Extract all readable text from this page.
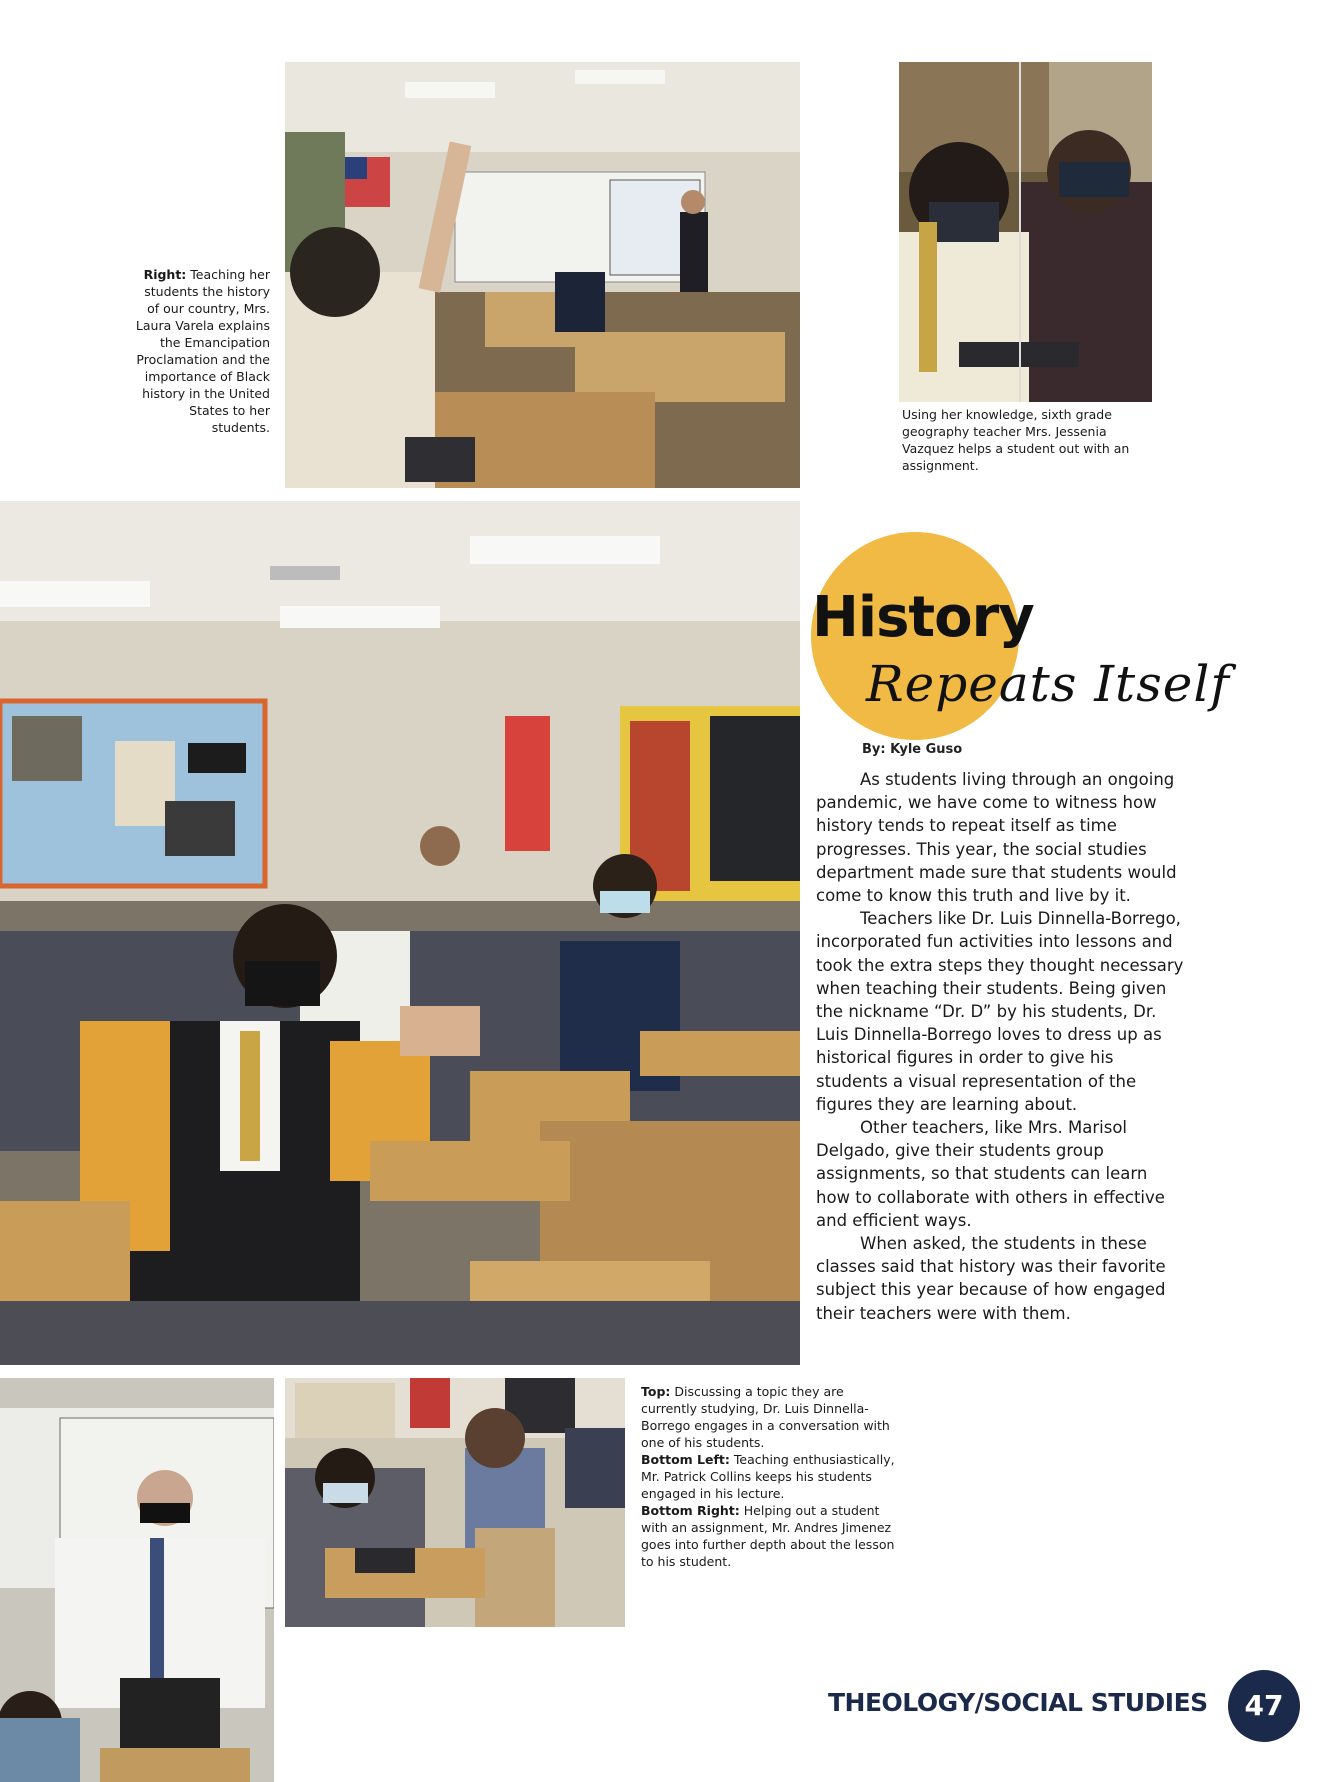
Right: Teaching her students the history of our country, Mrs. Laura Varela explains the Emancipation Proclamation and the importance of Black history in the United States to her students.
Using her knowledge, sixth grade geography teacher Mrs. Jessenia Vazquez helps a student out with an assignment.
History
Repeats Itself
By: Kyle Guso

As students living through an ongoing pandemic, we have come to witness how history tends to repeat itself as time progresses. This year, the social studies department made sure that students would come to know this truth and live by it.

Teachers like Dr. Luis Dinnella-Borrego, incorporated fun activities into lessons and took the extra steps they thought necessary when teaching their students. Being given the nickname “Dr. D” by his students, Dr. Luis Dinnella-Borrego loves to dress up as historical figures in order to give his students a visual representation of the figures they are learning about.

Other teachers, like Mrs. Marisol Delgado, give their students group assignments, so that students can learn how to collaborate with others in effective and efficient ways.

When asked, the students in these classes said that history was their favorite subject this year because of how engaged their teachers were with them.

Top: Discussing a topic they are currently studying, Dr. Luis Dinnella-Borrego engages in a conversation with one of his students.
Bottom Left: Teaching enthusiastically, Mr. Patrick Collins keeps his students engaged in his lecture.
Bottom Right: Helping out a student with an assignment, Mr. Andres Jimenez goes into further depth about the lesson to his student.
THEOLOGY/SOCIAL STUDIES	47
